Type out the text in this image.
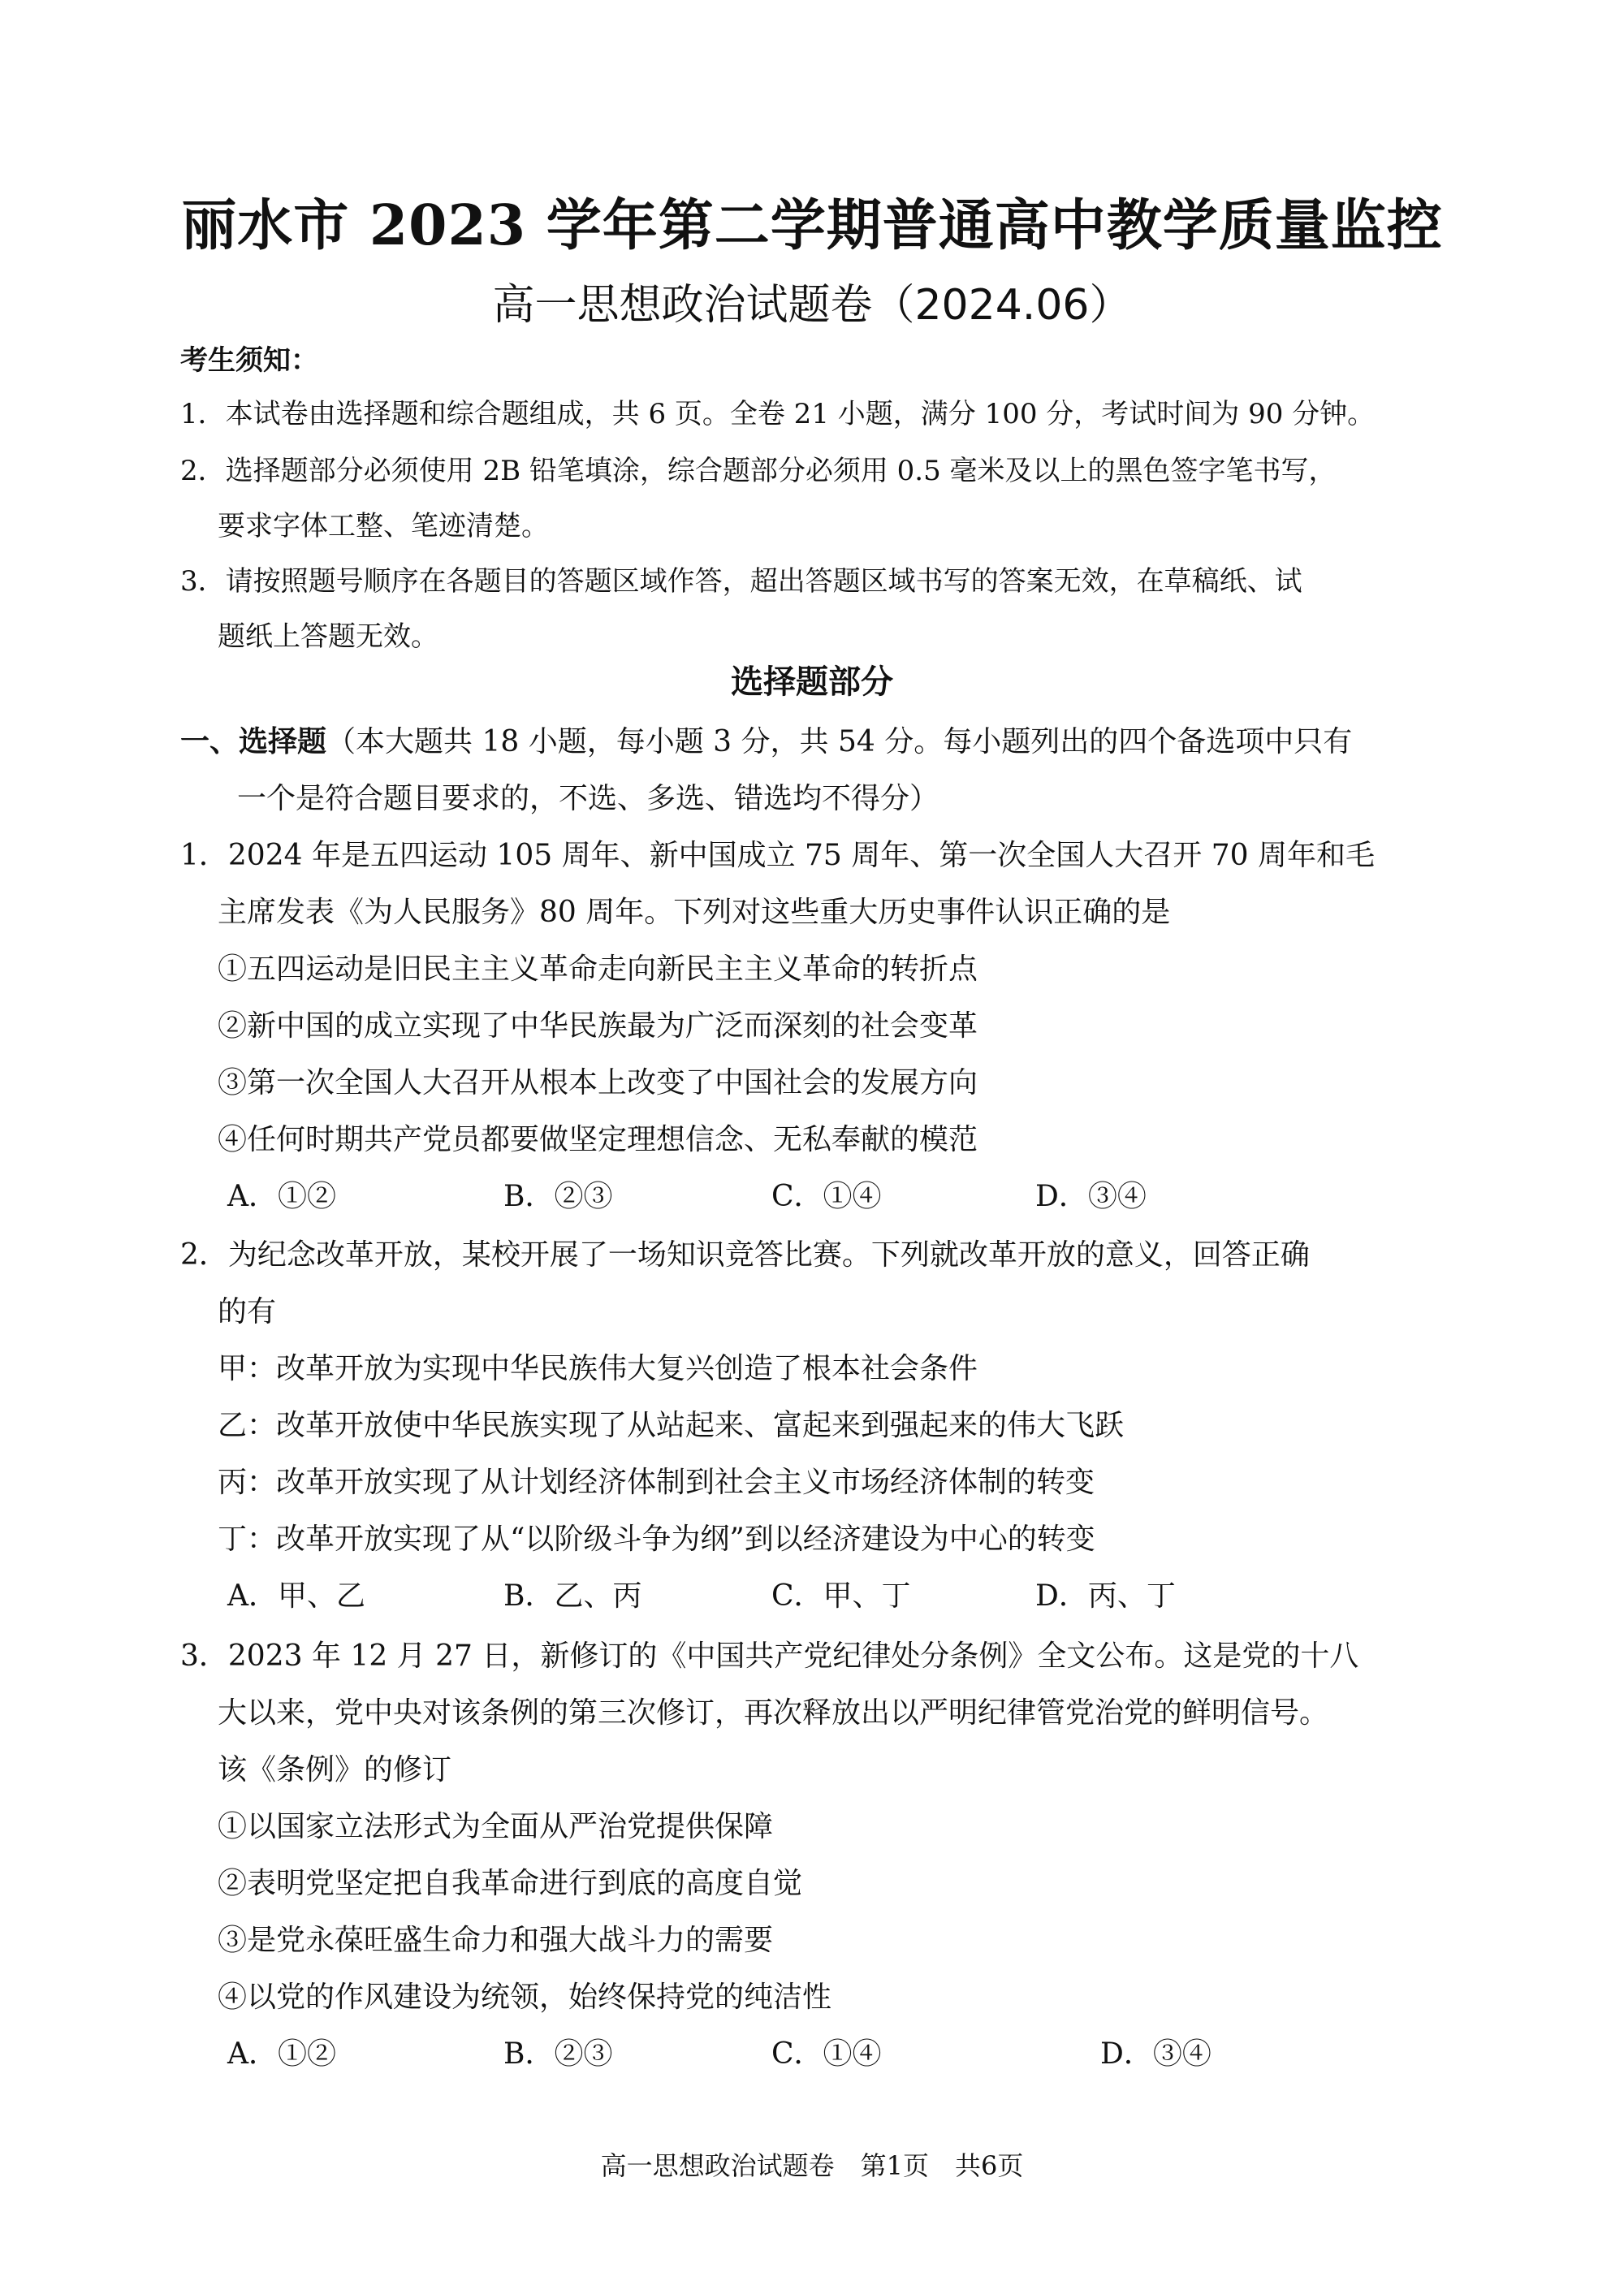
丽水市 2023 学年第二学期普通高中教学质量监控
高一思想政治试题卷（2024.06）
考生须知：
1．本试卷由选择题和综合题组成，共 6 页。全卷 21 小题，满分 100 分，考试时间为 90 分钟。
2．选择题部分必须使用 2B 铅笔填涂，综合题部分必须用 0.5 毫米及以上的黑色签字笔书写，
要求字体工整、笔迹清楚。
3．请按照题号顺序在各题目的答题区域作答，超出答题区域书写的答案无效，在草稿纸、试
题纸上答题无效。
选择题部分
一、选择题（本大题共 18 小题，每小题 3 分，共 54 分。每小题列出的四个备选项中只有
一个是符合题目要求的，不选、多选、错选均不得分）
1．2024 年是五四运动 105 周年、新中国成立 75 周年、第一次全国人大召开 70 周年和毛
主席发表《为人民服务》80 周年。下列对这些重大历史事件认识正确的是
①五四运动是旧民主主义革命走向新民主主义革命的转折点
②新中国的成立实现了中华民族最为广泛而深刻的社会变革
③第一次全国人大召开从根本上改变了中国社会的发展方向
④任何时期共产党员都要做坚定理想信念、无私奉献的模范
A．①②	B．②③	C．①④	D．③④
2．为纪念改革开放，某校开展了一场知识竞答比赛。下列就改革开放的意义，回答正确
的有
甲：改革开放为实现中华民族伟大复兴创造了根本社会条件
乙：改革开放使中华民族实现了从站起来、富起来到强起来的伟大飞跃
丙：改革开放实现了从计划经济体制到社会主义市场经济体制的转变
丁：改革开放实现了从“以阶级斗争为纲”到以经济建设为中心的转变
A．甲、乙	B．乙、丙	C．甲、丁	D．丙、丁
3．2023 年 12 月 27 日，新修订的《中国共产党纪律处分条例》全文公布。这是党的十八
大以来，党中央对该条例的第三次修订，再次释放出以严明纪律管党治党的鲜明信号。
该《条例》的修订
①以国家立法形式为全面从严治党提供保障
②表明党坚定把自我革命进行到底的高度自觉
③是党永葆旺盛生命力和强大战斗力的需要
④以党的作风建设为统领，始终保持党的纯洁性
A．①②	B．②③	C．①④	D．③④
高一思想政治试题卷　第1页　共6页
